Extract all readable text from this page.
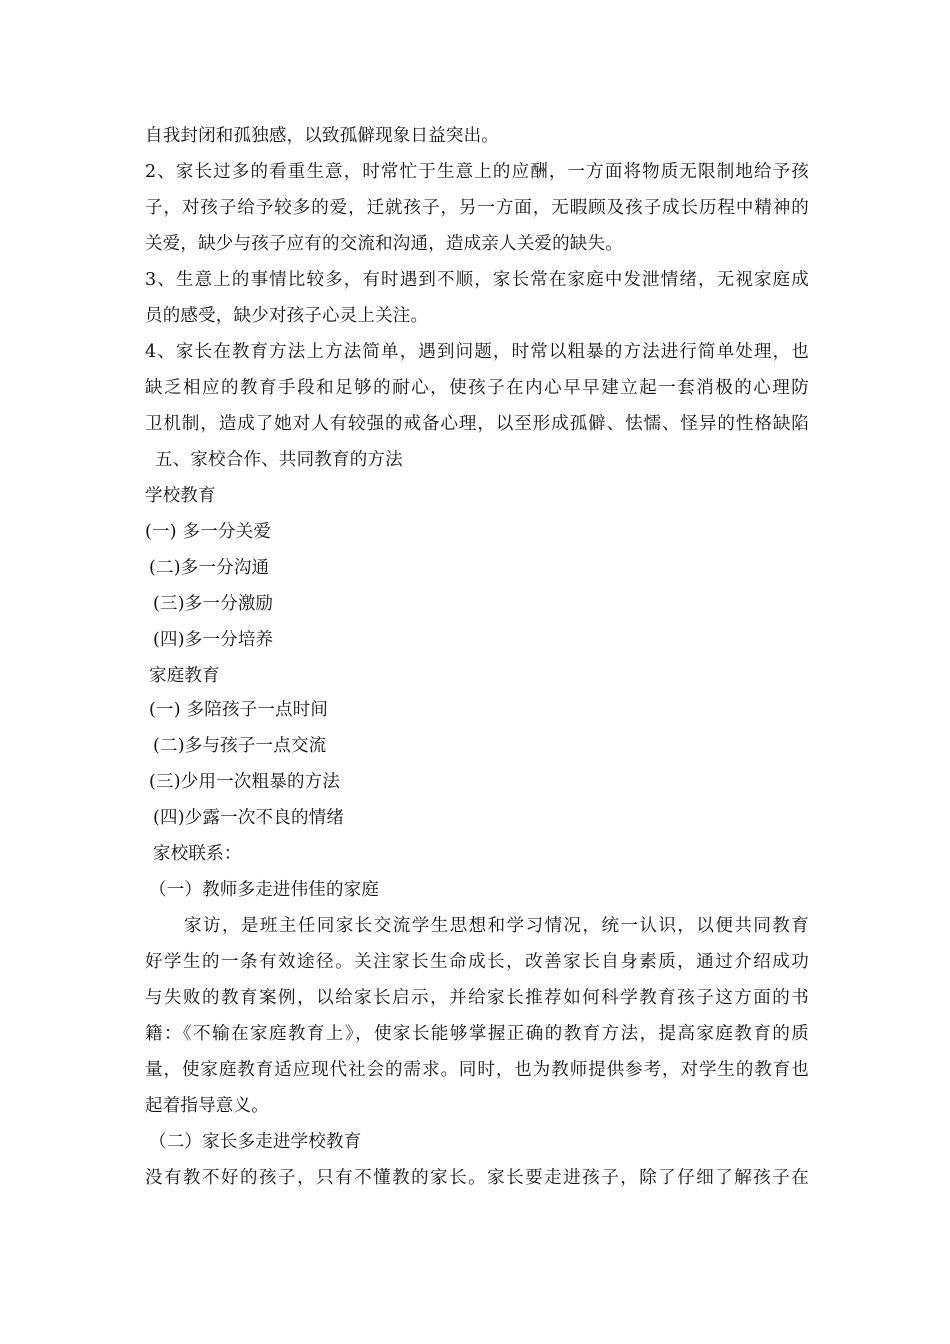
自我封闭和孤独感，以致孤僻现象日益突出。
2、家长过多的看重生意，时常忙于生意上的应酬，一方面将物质无限制地给予孩
子，对孩子给予较多的爱，迁就孩子，另一方面，无暇顾及孩子成长历程中精神的
关爱，缺少与孩子应有的交流和沟通，造成亲人关爱的缺失。
3、生意上的事情比较多，有时遇到不顺，家长常在家庭中发泄情绪，无视家庭成
员的感受，缺少对孩子心灵上关注。
4、家长在教育方法上方法简单，遇到问题，时常以粗暴的方法进行简单处理，也
缺乏相应的教育手段和足够的耐心，使孩子在内心早早建立起一套消极的心理防
卫机制，造成了她对人有较强的戒备心理，以至形成孤僻、怯懦、怪异的性格缺陷
五、家校合作、共同教育的方法
学校教育
(一) 多一分关爱
(二)多一分沟通
(三)多一分激励
(四)多一分培养
家庭教育
(一) 多陪孩子一点时间
(二)多与孩子一点交流
(三)少用一次粗暴的方法
(四)少露一次不良的情绪
家校联系：
（一）教师多走进伟佳的家庭
家访，是班主任同家长交流学生思想和学习情况，统一认识，以便共同教育
好学生的一条有效途径。关注家长生命成长，改善家长自身素质，通过介绍成功
与失败的教育案例，以给家长启示，并给家长推荐如何科学教育孩子这方面的书
籍：《不输在家庭教育上》，使家长能够掌握正确的教育方法，提高家庭教育的质
量，使家庭教育适应现代社会的需求。同时，也为教师提供参考，对学生的教育也
起着指导意义。
（二）家长多走进学校教育
没有教不好的孩子，只有不懂教的家长。家长要走进孩子，除了仔细了解孩子在
